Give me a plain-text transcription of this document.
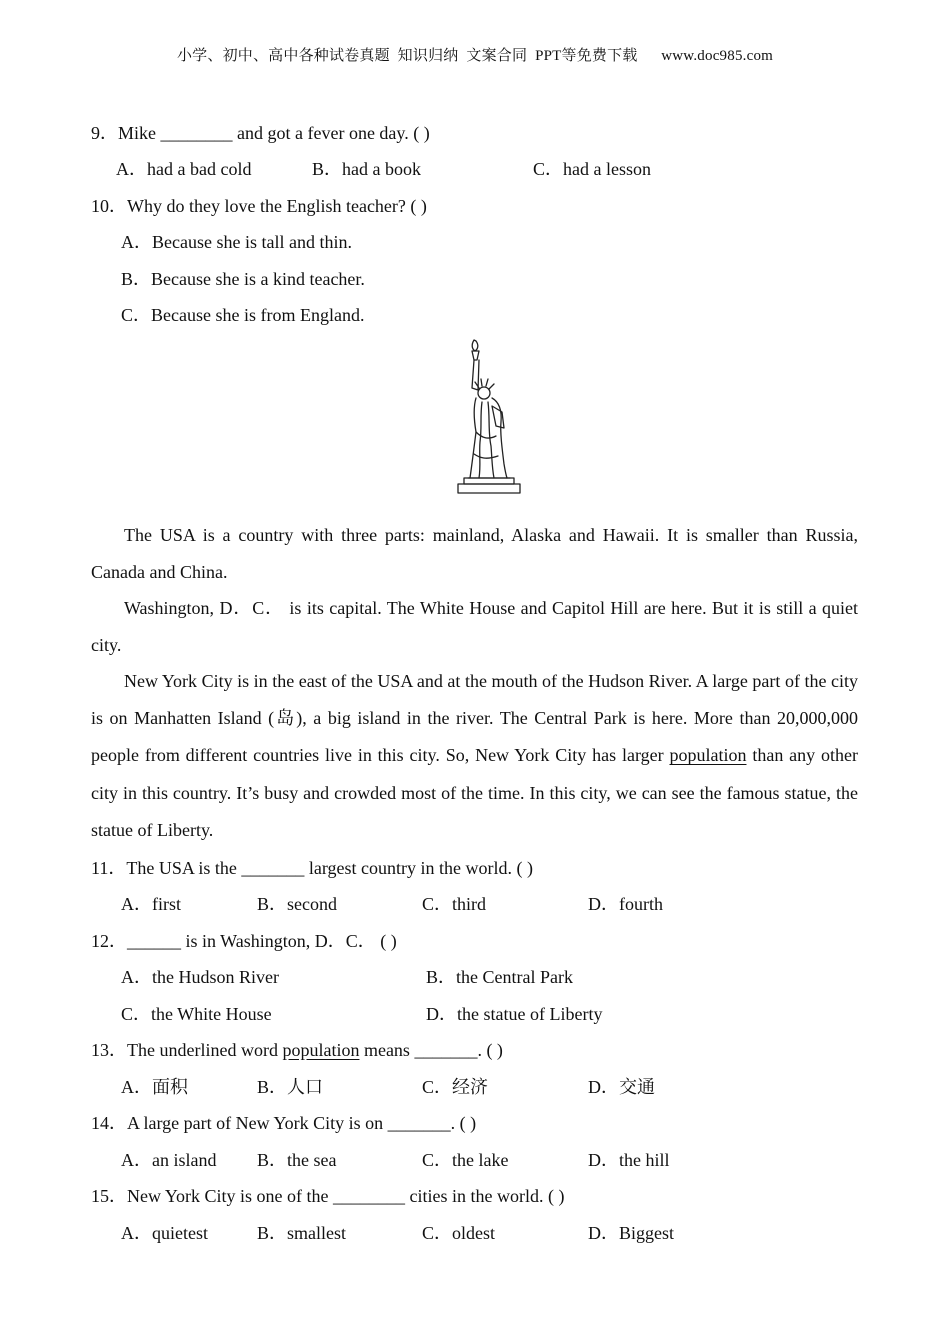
小学、初中、高中各种试卷真题  知识归纳  文案合同  PPT等免费下载      www.doc985.com
9．Mike ________ and got a fever one day. ( )
A．had a bad cold	B．had a book	C．had a lesson
10．Why do they love the English teacher? ( )
A．Because she is tall and thin.
B．Because she is a kind teacher.
C．Because she is from England.
The USA is a country with three parts: mainland, Alaska and Hawaii. It is smaller than Russia, Canada and China.
Washington, D．C． is its capital. The White House and Capitol Hill are here. But it is still a quiet city.
New York City is in the east of the USA and at the mouth of the Hudson River. A large part of the city is on Manhatten Island (岛), a big island in the river. The Central Park is here. More than 20,000,000 people from different countries live in this city. So, New York City has larger population than any other city in this country. It’s busy and crowded most of the time. In this city, we can see the famous statue, the statue of Liberty.
11．The USA is the _______ largest country in the world. ( )
A．first	B．second	C．third	D．fourth
12．______ is in Washington, D．C． ( )
A．the Hudson River	B．the Central Park
C．the White House	D．the statue of Liberty
13．The underlined word population means _______. ( )
A．面积	B．人口	C．经济	D．交通
14．A large part of New York City is on _______. ( )
A．an island B．the sea	C．the lake	D．the hill
15．New York City is one of the ________ cities in the world. ( )
A．quietest	B．smallest	C．oldest	D．Biggest
